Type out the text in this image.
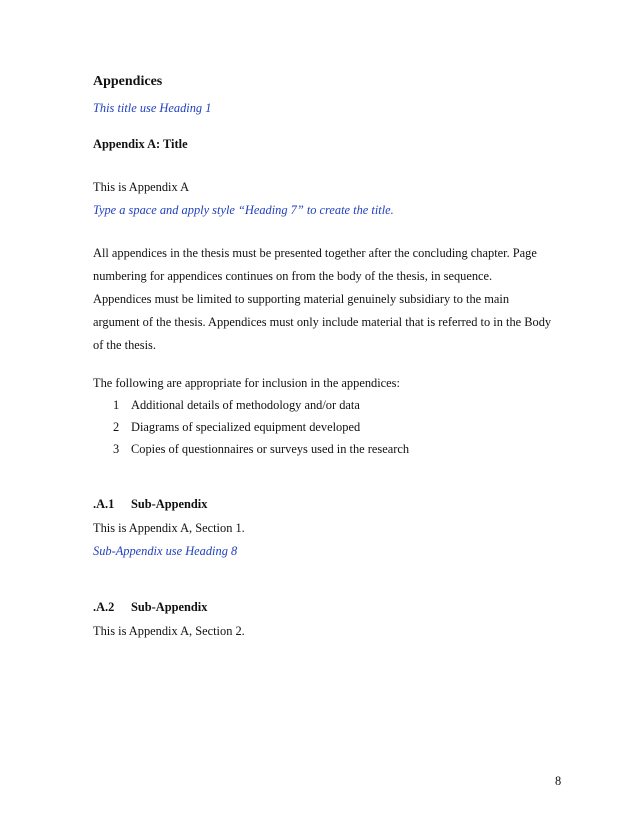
Appendices
This title use Heading 1
Appendix A: Title
This is Appendix A
Type a space and apply style “Heading 7” to create the title.
All appendices in the thesis must be presented together after the concluding chapter. Page
numbering for appendices continues on from the body of the thesis, in sequence.
Appendices must be limited to supporting material genuinely subsidiary to the main
argument of the thesis. Appendices must only include material that is referred to in the Body
of the thesis.
The following are appropriate for inclusion in the appendices:
1 Additional details of methodology and/or data
2 Diagrams of specialized equipment developed
3 Copies of questionnaires or surveys used in the research
.A.1 Sub-Appendix
This is Appendix A, Section 1.
Sub-Appendix use Heading 8
.A.2 Sub-Appendix
This is Appendix A, Section 2.
8
